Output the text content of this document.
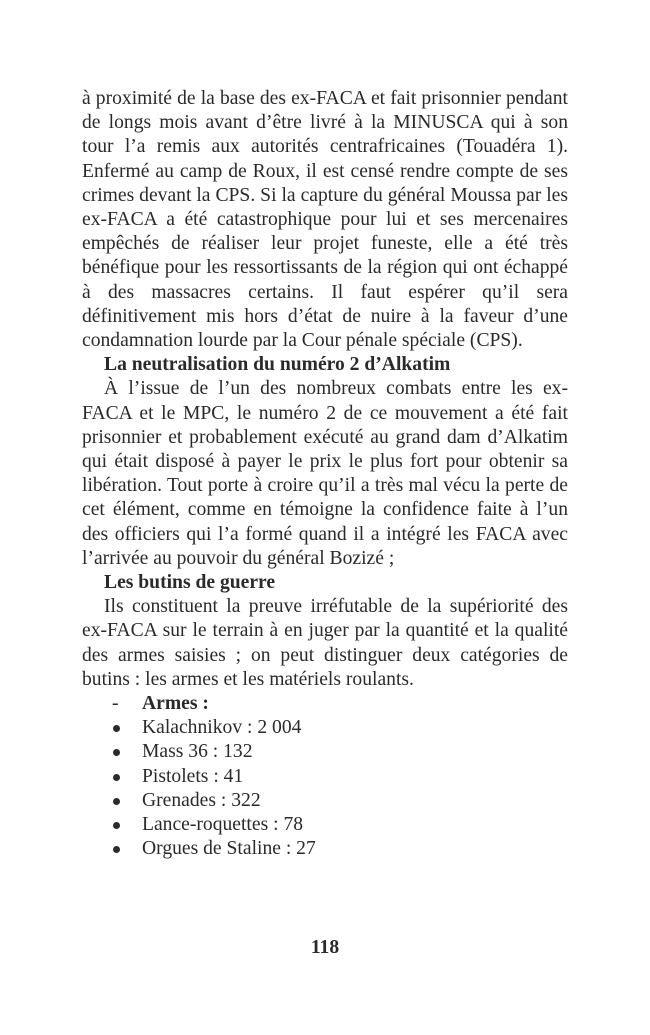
à proximité de la base des ex-FACA et fait prisonnier pendant de longs mois avant d’être livré à la MINUSCA qui à son tour l’a remis aux autorités centrafricaines (Touadéra 1). Enfermé au camp de Roux, il est censé rendre compte de ses crimes devant la CPS. Si la capture du général Moussa par les ex-FACA a été catastrophique pour lui et ses mercenaires empêchés de réaliser leur projet funeste, elle a été très bénéfique pour les ressortissants de la région qui ont échappé à des massacres certains. Il faut espérer qu’il sera définitivement mis hors d’état de nuire à la faveur d’une condamnation lourde par la Cour pénale spéciale (CPS).

La neutralisation du numéro 2 d’Alkatim

À l’issue de l’un des nombreux combats entre les ex-FACA et le MPC, le numéro 2 de ce mouvement a été fait prisonnier et probablement exécuté au grand dam d’Alkatim qui était disposé à payer le prix le plus fort pour obtenir sa libération. Tout porte à croire qu’il a très mal vécu la perte de cet élément, comme en témoigne la confidence faite à l’un des officiers qui l’a formé quand il a intégré les FACA avec l’arrivée au pouvoir du général Bozizé ;

Les butins de guerre

Ils constituent la preuve irréfutable de la supériorité des ex-FACA sur le terrain à en juger par la quantité et la qualité des armes saisies ; on peut distinguer deux catégories de butins : les armes et les matériels roulants.

- Armes :
Kalachnikov : 2 004
Mass 36 : 132
Pistolets : 41
Grenades : 322
Lance-roquettes : 78
Orgues de Staline : 27
118
